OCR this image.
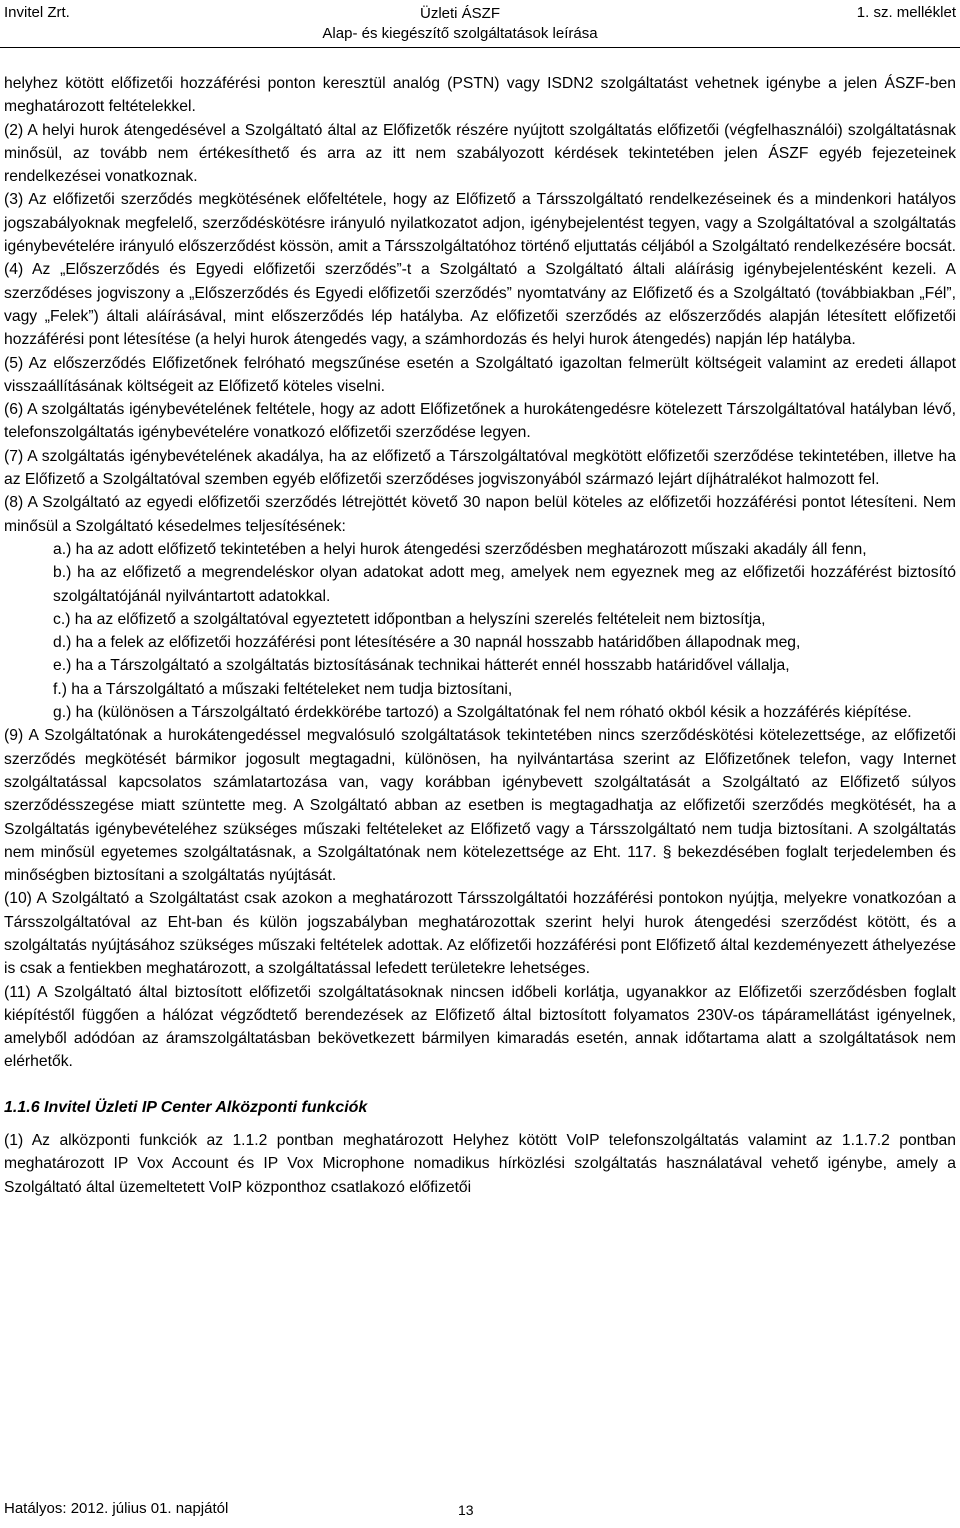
Invitel Zrt.	Üzleti ÁSZF
Alap- és kiegészítő szolgáltatások leírása
1. sz. melléklet

helyhez kötött előfizetői hozzáférési ponton keresztül analóg (PSTN) vagy ISDN2 szolgáltatást vehetnek igénybe a jelen ÁSZF-ben meghatározott feltételekkel.

(2) A helyi hurok átengedésével a Szolgáltató által az Előfizetők részére nyújtott szolgáltatás előfizetői (végfelhasználói) szolgáltatásnak minősül, az tovább nem értékesíthető és arra az itt nem szabályozott kérdések tekintetében jelen ÁSZF egyéb fejezeteinek rendelkezései vonatkoznak.

(3) Az előfizetői szerződés megkötésének előfeltétele, hogy az Előfizető a Társszolgáltató rendelkezéseinek és a mindenkori hatályos jogszabályoknak megfelelő, szerződéskötésre irányuló nyilatkozatot adjon, igénybejelentést tegyen, vagy a Szolgáltatóval a szolgáltatás igénybevételére irányuló előszerződést kössön, amit a Társszolgáltatóhoz történő eljuttatás céljából a Szolgáltató rendelkezésére bocsát.

(4) Az „Előszerződés és Egyedi előfizetői szerződés”-t a Szolgáltató a Szolgáltató általi aláírásig igénybejelentésként kezeli. A szerződéses jogviszony a „Előszerződés és Egyedi előfizetői szerződés” nyomtatvány az Előfizető és a Szolgáltató (továbbiakban „Fél”, vagy „Felek”) általi aláírásával, mint előszerződés lép hatályba. Az előfizetői szerződés az előszerződés alapján létesített előfizetői hozzáférési pont létesítése (a helyi hurok átengedés vagy, a számhordozás és helyi hurok átengedés) napján lép hatályba.

(5) Az előszerződés Előfizetőnek felróható megszűnése esetén a Szolgáltató igazoltan felmerült költségeit valamint az eredeti állapot visszaállításának költségeit az Előfizető köteles viselni.

(6) A szolgáltatás igénybevételének feltétele, hogy az adott Előfizetőnek a hurokátengedésre kötelezett Társzolgáltatóval hatályban lévő, telefonszolgáltatás igénybevételére vonatkozó előfizetői szerződése legyen.

(7) A szolgáltatás igénybevételének akadálya, ha az előfizető a Társzolgáltatóval megkötött előfizetői szerződése tekintetében, illetve ha az Előfizető a Szolgáltatóval szemben egyéb előfizetői szerződéses jogviszonyából származó lejárt díjhátralékot halmozott fel.

(8) A Szolgáltató az egyedi előfizetői szerződés létrejöttét követő 30 napon belül köteles az előfizetői hozzáférési pontot létesíteni. Nem minősül a Szolgáltató késedelmes teljesítésének:

a.) ha az adott előfizető tekintetében a helyi hurok átengedési szerződésben meghatározott műszaki akadály áll fenn,

b.) ha az előfizető a megrendeléskor olyan adatokat adott meg, amelyek nem egyeznek meg az előfizetői hozzáférést biztosító szolgáltatójánál nyilvántartott adatokkal.

c.) ha az előfizető a szolgáltatóval egyeztetett időpontban a helyszíni szerelés feltételeit nem biztosítja,

d.) ha a felek az előfizetői hozzáférési pont létesítésére a 30 napnál hosszabb határidőben állapodnak meg,

e.) ha a Társzolgáltató a szolgáltatás biztosításának technikai hátterét ennél hosszabb határidővel vállalja,

f.) ha a Társzolgáltató a műszaki feltételeket nem tudja biztosítani,

g.) ha (különösen a Társzolgáltató érdekkörébe tartozó) a Szolgáltatónak fel nem róható okból késik a hozzáférés kiépítése.

(9) A Szolgáltatónak a hurokátengedéssel megvalósuló szolgáltatások tekintetében nincs szerződéskötési kötelezettsége, az előfizetői szerződés megkötését bármikor jogosult megtagadni, különösen, ha nyilvántartása szerint az Előfizetőnek telefon, vagy Internet szolgáltatással kapcsolatos számlatartozása van, vagy korábban igénybevett szolgáltatását a Szolgáltató az Előfizető súlyos szerződésszegése miatt szüntette meg. A Szolgáltató abban az esetben is megtagadhatja az előfizetői szerződés megkötését, ha a Szolgáltatás igénybevételéhez szükséges műszaki feltételeket az Előfizető vagy a Társszolgáltató nem tudja biztosítani. A szolgáltatás nem minősül egyetemes szolgáltatásnak, a Szolgáltatónak nem kötelezettsége az Eht. 117. § bekezdésében foglalt terjedelemben és minőségben biztosítani a szolgáltatás nyújtását.

(10) A Szolgáltató a Szolgáltatást csak azokon a meghatározott Társszolgáltatói hozzáférési pontokon nyújtja, melyekre vonatkozóan a Társszolgáltatóval az Eht-ban és külön jogszabályban meghatározottak szerint helyi hurok átengedési szerződést kötött, és a szolgáltatás nyújtásához szükséges műszaki feltételek adottak. Az előfizetői hozzáférési pont Előfizető által kezdeményezett áthelyezése is csak a fentiekben meghatározott, a szolgáltatással lefedett területekre lehetséges.

(11) A Szolgáltató által biztosított előfizetői szolgáltatásoknak nincsen időbeli korlátja, ugyanakkor az Előfizetői szerződésben foglalt kiépítéstől függően a hálózat végződtető berendezések az Előfizető által biztosított folyamatos 230V-os tápáramellátást igényelnek, amelyből adódóan az áramszolgáltatásban bekövetkezett bármilyen kimaradás esetén, annak időtartama alatt a szolgáltatások nem elérhetők.

1.1.6 Invitel Üzleti IP Center Alközponti funkciók

(1) Az alközponti funkciók az 1.1.2 pontban meghatározott Helyhez kötött VoIP telefonszolgáltatás valamint az 1.1.7.2 pontban meghatározott IP Vox Account és IP Vox Microphone nomadikus hírközlési szolgáltatás használatával vehető igénybe, amely a Szolgáltató által üzemeltetett VoIP központhoz csatlakozó előfizetői

Hatályos: 2012. július 01. napjától	13
